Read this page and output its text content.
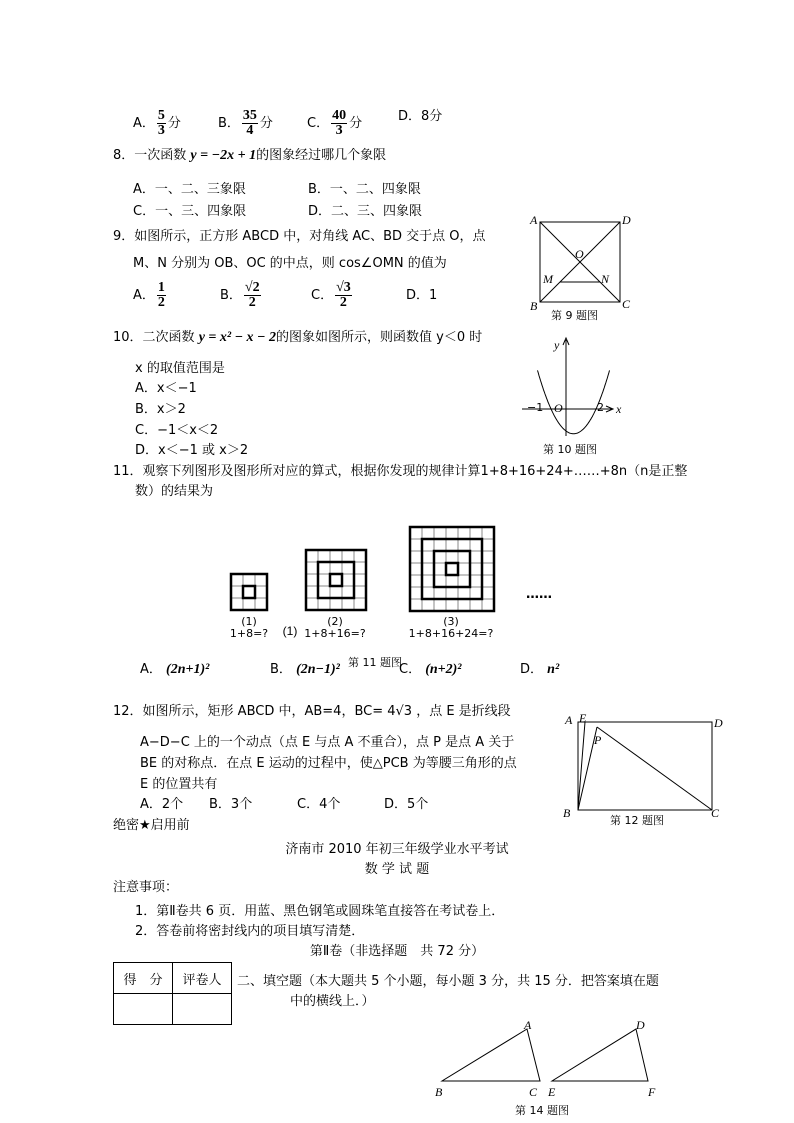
A． $\frac{5}{3}$ 分	B． $\frac{35}{4}$ 分	C． $\frac{40}{3}$ 分	D．8分
8．一次函数 y = −2x + 1的图象经过哪几个象限
A．一、二、三象限	B．一、二、四象限
C．一、三、四象限	D．二、三、四象限
9．如图所示，正方形 ABCD 中，对角线 AC、BD 交于点 O，点
M、N 分别为 OB、OC 的中点，则 cos∠OMN 的值为
A． $\frac{1}{2}$	B． $\frac{√2}{2}$	C． $\frac{√3}{2}$	D．1
10．二次函数 y = x² − x − 2的图象如图所示，则函数值 y＜0 时
x 的取值范围是
A．x＜−1
B．x＞2
C．−1＜x＜2
D．x＜−1 或 x＞2
11．观察下列图形及图形所对应的算式，根据你发现的规律计算1+8+16+24+……+8n（n是正整
数）的结果为
A． (2n+1)²	B． (2n−1)²	C． (n+2)²	D． n²
(1)
(1)
1+8=?
(2)
1+8+16=?
(3)
1+8+16+24=?
……
第 11 题图
12．如图所示，矩形 ABCD 中，AB=4，BC= 4√3 ，点 E 是折线段
A−D−C 上的一个动点（点 E 与点 A 不重合），点 P 是点 A 关于
BE 的对称点．在点 E 运动的过程中，使△PCB 为等腰三角形的点
E 的位置共有
A．2个 B．3个	C．4个	D．5个
绝密★启用前
济南市 2010 年初三年级学业水平考试
数 学 试 题
注意事项：
1．第Ⅱ卷共 6 页．用蓝、黑色钢笔或圆珠笔直接答在考试卷上．
2．答卷前将密封线内的项目填写清楚．
第Ⅱ卷（非选择题　共 72 分）
得　分	评卷人
	二、填空题（本大题共 5 个小题，每小题 3 分，共 15 分．把答案填在题
中的横线上．）
A	D
B	C
O
M	N
第 9 题图
y
x
O
−1	2
第 10 题图
A E	D
P
B	C
第 12 题图
A
B	C
D
E	F
第 14 题图
